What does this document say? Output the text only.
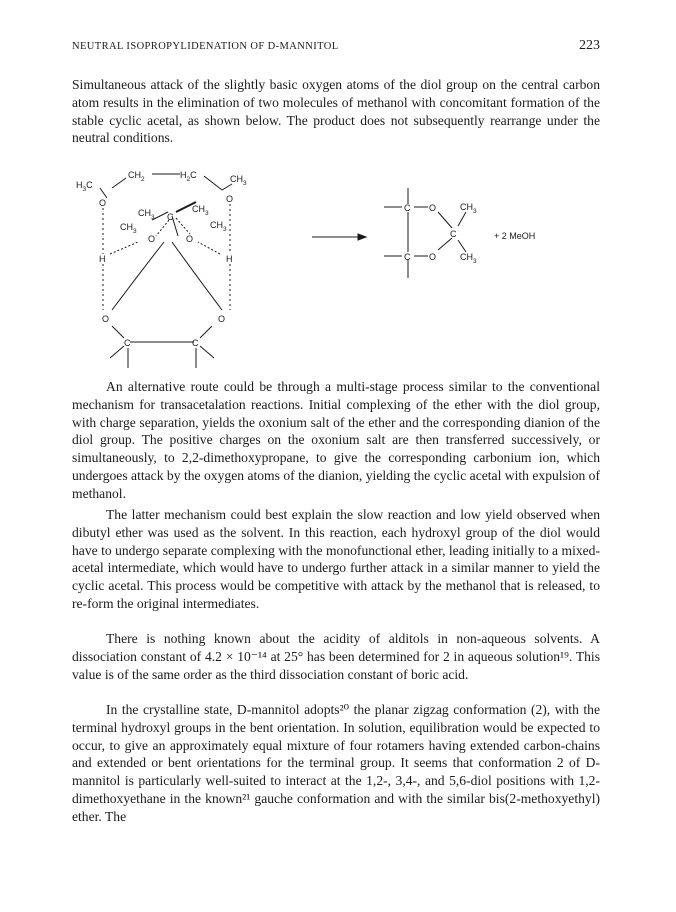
NEUTRAL ISOPROPYLIDENATION OF D-MANNITOL	223

Simultaneous attack of the slightly basic oxygen atoms of the diol group on the central carbon atom results in the elimination of two molecules of methanol with concomitant formation of the stable cyclic acetal, as shown below. The product does not subsequently rearrange under the neutral conditions.

$CH_2$	$H_2C$
$H_3C$
$CH_3$
O	O
$CH_3$
$CH_3$
$CH_3$
$CH_3$
C
O	O
H	H
O	O
C	C
C O
C O
C
$CH_3$
$CH_3$
+ 2 MeOH

An alternative route could be through a multi-stage process similar to the conventional mechanism for transacetalation reactions. Initial complexing of the ether with the diol group, with charge separation, yields the oxonium salt of the ether and the corresponding dianion of the diol group. The positive charges on the oxonium salt are then transferred successively, or simultaneously, to 2,2-dimethoxypropane, to give the corresponding carbonium ion, which undergoes attack by the oxygen atoms of the dianion, yielding the cyclic acetal with expulsion of methanol.

The latter mechanism could best explain the slow reaction and low yield observed when dibutyl ether was used as the solvent. In this reaction, each hydroxyl group of the diol would have to undergo separate complexing with the monofunctional ether, leading initially to a mixed-acetal intermediate, which would have to undergo further attack in a similar manner to yield the cyclic acetal. This process would be competitive with attack by the methanol that is released, to re-form the original intermediates.

There is nothing known about the acidity of alditols in non-aqueous solvents. A dissociation constant of 4.2 × 10⁻¹⁴ at 25° has been determined for 2 in aqueous solution¹⁹. This value is of the same order as the third dissociation constant of boric acid.

In the crystalline state, D-mannitol adopts²⁰ the planar zigzag conformation (2), with the terminal hydroxyl groups in the bent orientation. In solution, equilibration would be expected to occur, to give an approximately equal mixture of four rotamers having extended carbon-chains and extended or bent orientations for the terminal group. It seems that conformation 2 of D-mannitol is particularly well-suited to interact at the 1,2-, 3,4-, and 5,6-diol positions with 1,2-dimethoxyethane in the known²¹ gauche conformation and with the similar bis(2-methoxyethyl) ether. The
